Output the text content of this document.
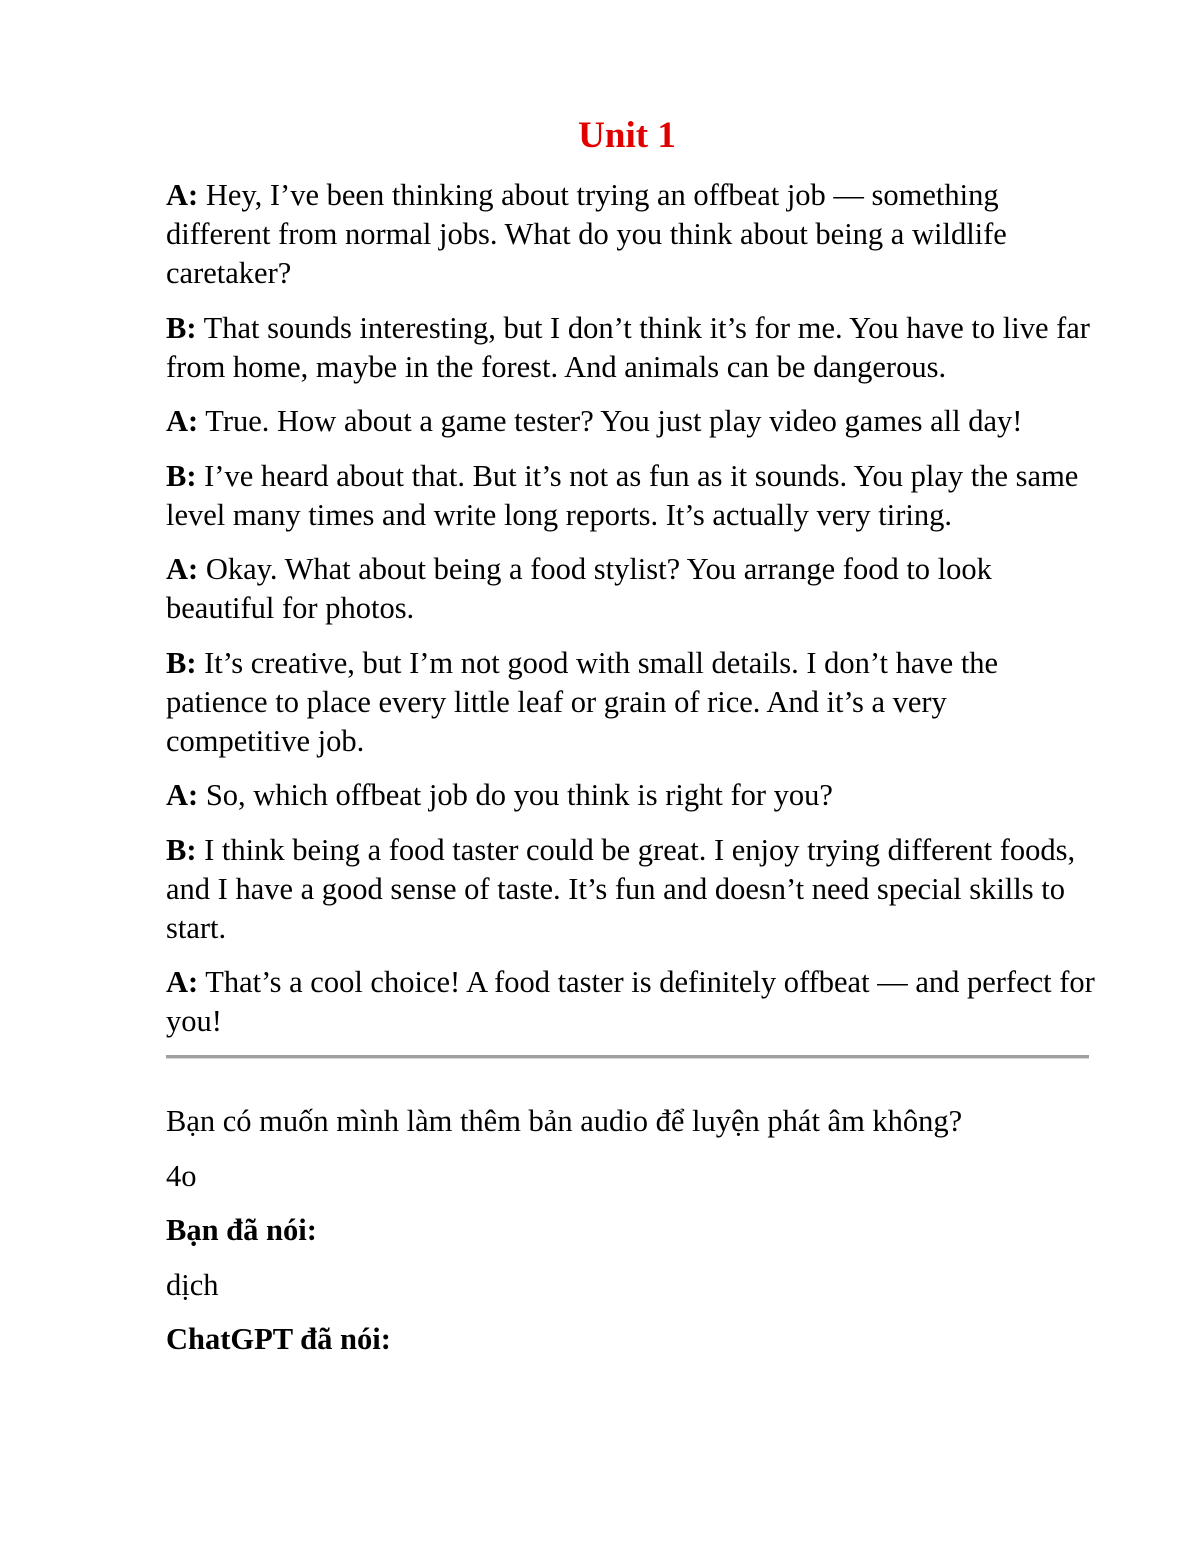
Unit 1

A: Hey, I’ve been thinking about trying an offbeat job — something different from normal jobs. What do you think about being a wildlife caretaker?

B: That sounds interesting, but I don’t think it’s for me. You have to live far from home, maybe in the forest. And animals can be dangerous.

A: True. How about a game tester? You just play video games all day!

B: I’ve heard about that. But it’s not as fun as it sounds. You play the same level many times and write long reports. It’s actually very tiring.

A: Okay. What about being a food stylist? You arrange food to look beautiful for photos.

B: It’s creative, but I’m not good with small details. I don’t have the patience to place every little leaf or grain of rice. And it’s a very competitive job.

A: So, which offbeat job do you think is right for you?

B: I think being a food taster could be great. I enjoy trying different foods, and I have a good sense of taste. It’s fun and doesn’t need special skills to start.

A: That’s a cool choice! A food taster is definitely offbeat — and perfect for you!

Bạn có muốn mình làm thêm bản audio để luyện phát âm không?

4o

Bạn đã nói:

dịch

ChatGPT đã nói:
